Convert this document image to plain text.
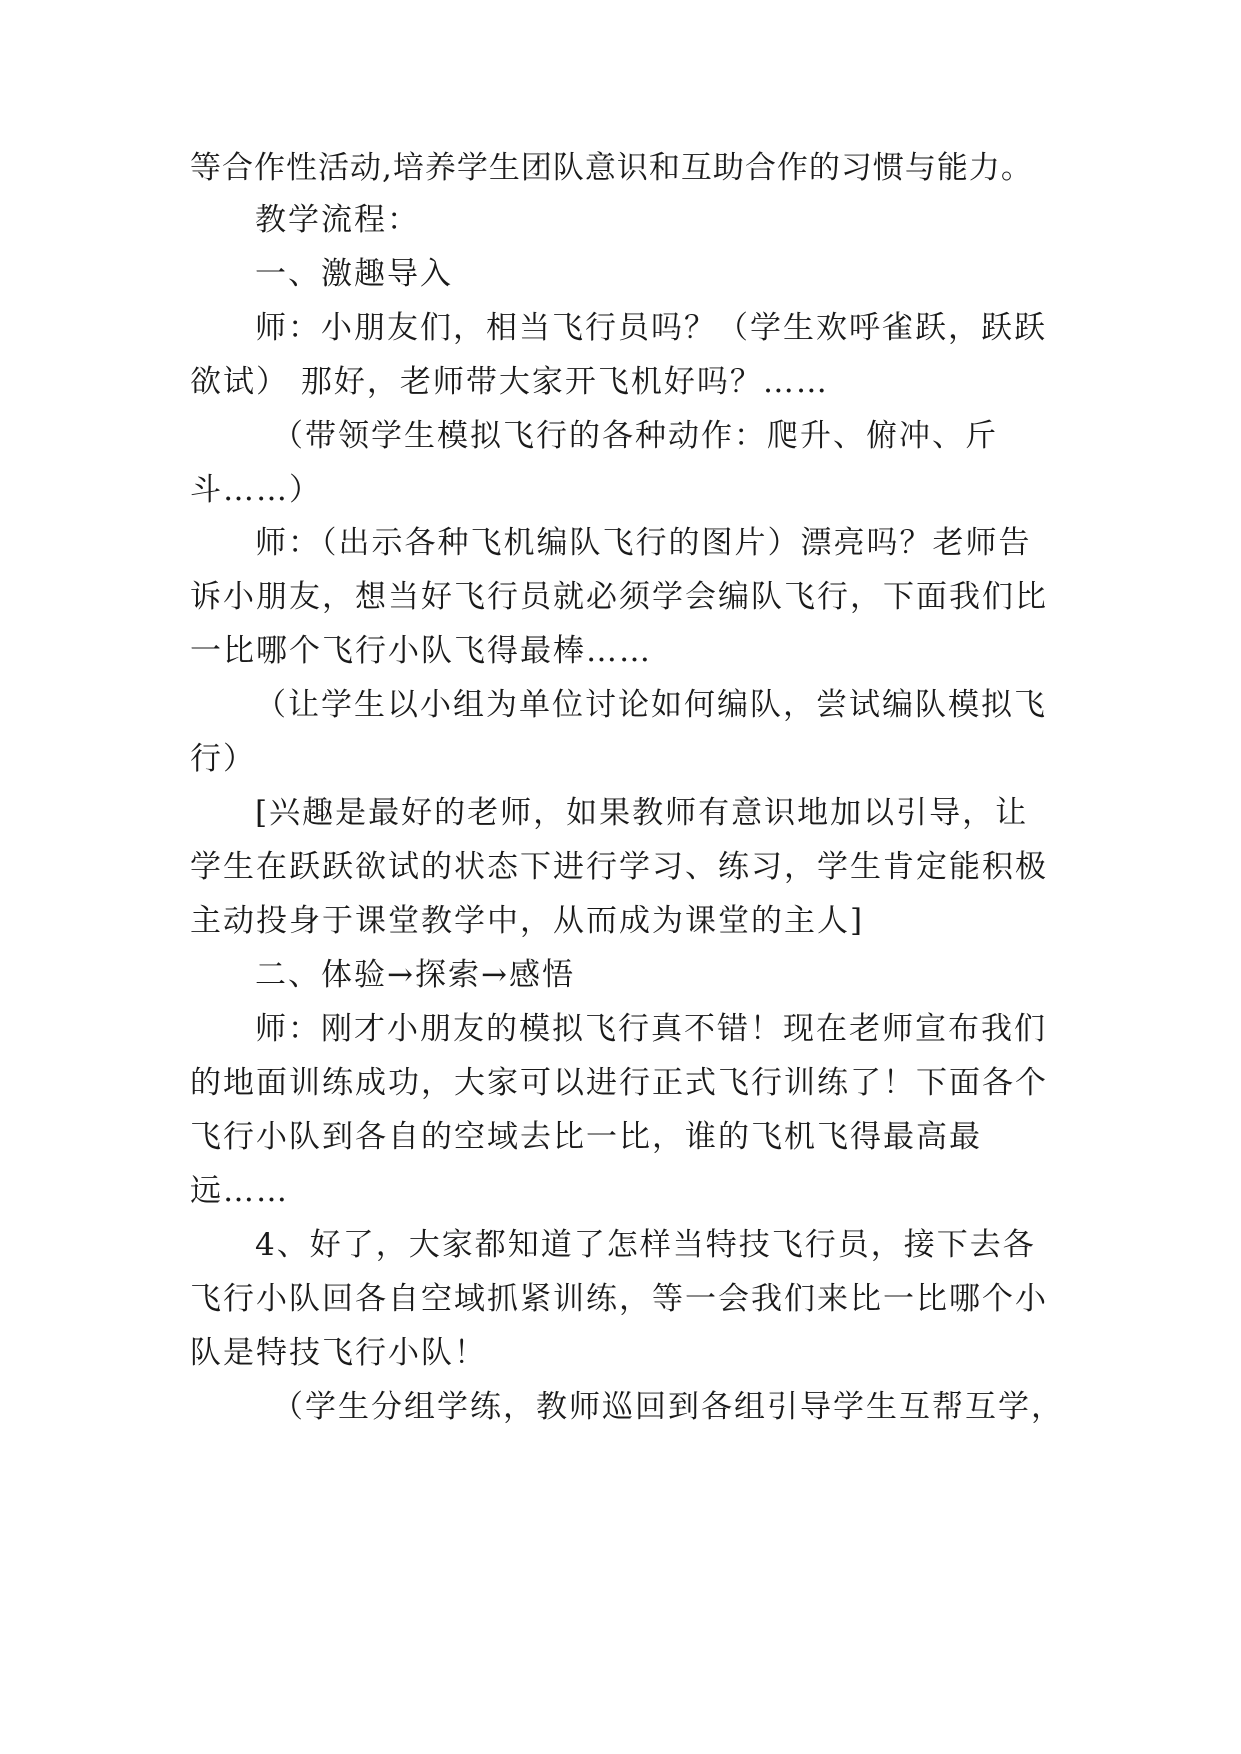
等合作性活动,培养学生团队意识和互助合作的习惯与能力。
教学流程：
一、激趣导入
师：小朋友们，相当飞行员吗？（学生欢呼雀跃，跃跃
欲试） 那好，老师带大家开飞机好吗？……
（带领学生模拟飞行的各种动作：爬升、俯冲、斤
斗……）
师：（出示各种飞机编队飞行的图片）漂亮吗？老师告
诉小朋友，想当好飞行员就必须学会编队飞行，下面我们比
一比哪个飞行小队飞得最棒……
（让学生以小组为单位讨论如何编队，尝试编队模拟飞
行）
[兴趣是最好的老师，如果教师有意识地加以引导，让
学生在跃跃欲试的状态下进行学习、练习，学生肯定能积极
主动投身于课堂教学中，从而成为课堂的主人]
二、体验→探索→感悟
师：刚才小朋友的模拟飞行真不错！现在老师宣布我们
的地面训练成功，大家可以进行正式飞行训练了！下面各个
飞行小队到各自的空域去比一比，谁的飞机飞得最高最
远……
4、好了，大家都知道了怎样当特技飞行员，接下去各
飞行小队回各自空域抓紧训练，等一会我们来比一比哪个小
队是特技飞行小队！
（学生分组学练，教师巡回到各组引导学生互帮互学，
